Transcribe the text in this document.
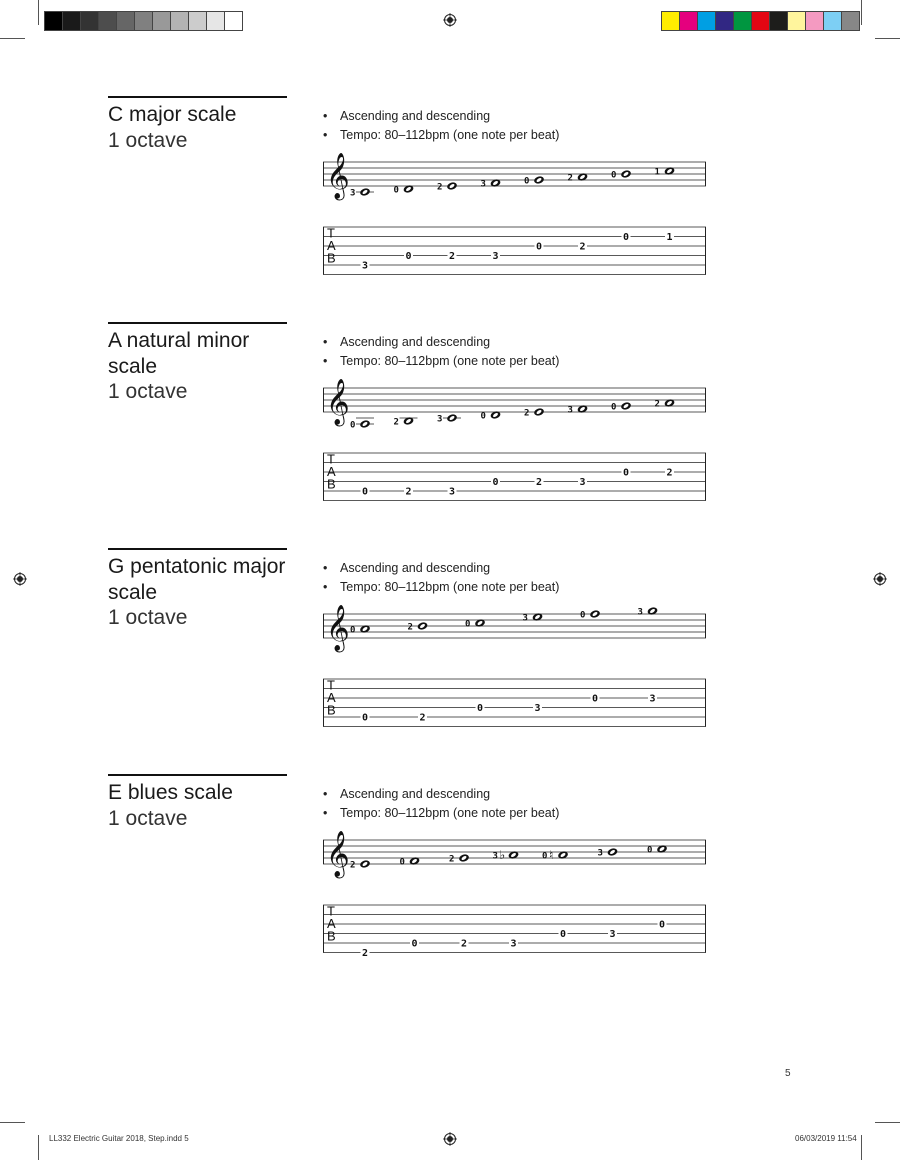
C major scale
1 octave
• Ascending and descending
• Tempo: 80–112bpm (one note per beat)
𝄞
T
A
B
3
3
0
0
2
2
3
3
0
0
2
2
0
0
1
1
A natural minor scale
1 octave
• Ascending and descending
• Tempo: 80–112bpm (one note per beat)
𝄞
T
A
B
0
0
2
2
3
3
0
0
2
2
3
3
0
0
2
2
G pentatonic major scale
1 octave
• Ascending and descending
• Tempo: 80–112bpm (one note per beat)
𝄞
T
A
B
0
0
2
2
0
0
3
3
0
0
3
3
E blues scale
1 octave
• Ascending and descending
• Tempo: 80–112bpm (one note per beat)
𝄞
T
A
B
2
2
0
0
2
2
♭
3
3
♮
0
0
3
3
0
0
5
LL332 Electric Guitar 2018, Step.indd 5	06/03/2019 11:54
